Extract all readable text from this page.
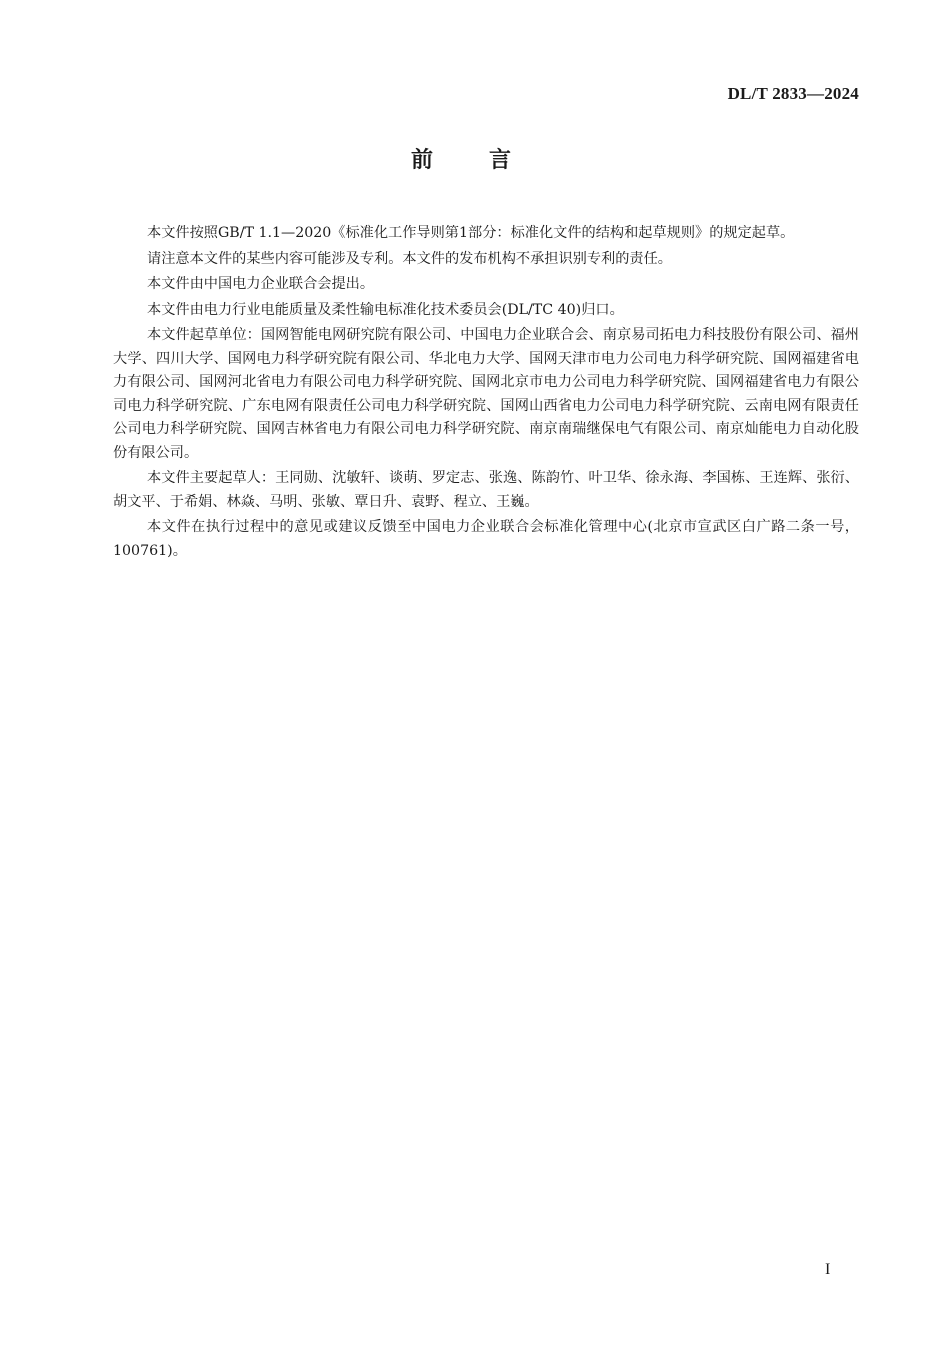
DL/T 2833—2024
前言

本文件按照GB/T 1.1—2020《标准化工作导则第1部分：标准化文件的结构和起草规则》的规定起草。

请注意本文件的某些内容可能涉及专利。本文件的发布机构不承担识别专利的责任。

本文件由中国电力企业联合会提出。

本文件由电力行业电能质量及柔性输电标准化技术委员会(DL/TC 40)归口。

本文件起草单位：国网智能电网研究院有限公司、中国电力企业联合会、南京易司拓电力科技股份有限公司、福州大学、四川大学、国网电力科学研究院有限公司、华北电力大学、国网天津市电力公司电力科学研究院、国网福建省电力有限公司、国网河北省电力有限公司电力科学研究院、国网北京市电力公司电力科学研究院、国网福建省电力有限公司电力科学研究院、广东电网有限责任公司电力科学研究院、国网山西省电力公司电力科学研究院、云南电网有限责任公司电力科学研究院、国网吉林省电力有限公司电力科学研究院、南京南瑞继保电气有限公司、南京灿能电力自动化股份有限公司。

本文件主要起草人：王同勋、沈敏轩、谈萌、罗定志、张逸、陈韵竹、叶卫华、徐永海、李国栋、王连辉、张衍、胡文平、于希娟、林焱、马明、张敏、覃日升、袁野、程立、王巍。

本文件在执行过程中的意见或建议反馈至中国电力企业联合会标准化管理中心(北京市宣武区白广路二条一号，100761)。

I
